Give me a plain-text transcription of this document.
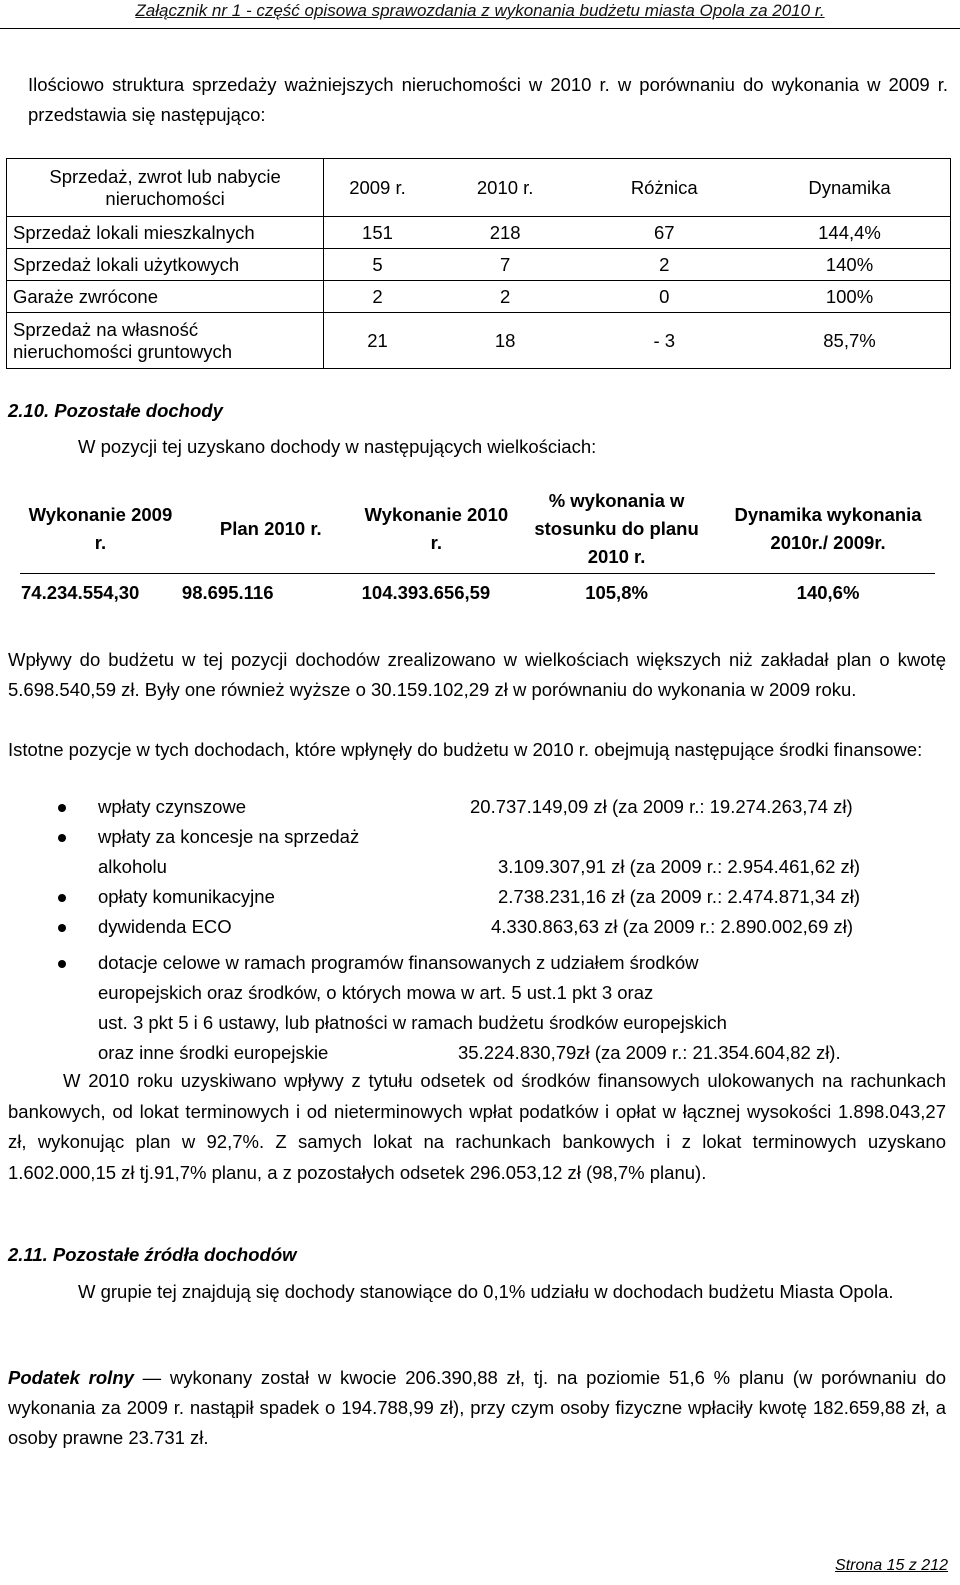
Załącznik nr 1 - część opisowa sprawozdania z wykonania budżetu miasta Opola za 2010 r.
Ilościowo struktura sprzedaży ważniejszych nieruchomości w 2010 r. w porównaniu do wykonania w 2009 r. przedstawia się następująco:
Sprzedaż, zwrot lub nabycie nieruchomości	2009 r.	2010 r.	Różnica	Dynamika
Sprzedaż lokali mieszkalnych	151	218	67	144,4%
Sprzedaż lokali użytkowych	5	7	2	140%
Garaże zwrócone	2	2	0	100%
Sprzedaż na własność nieruchomości gruntowych	21	18	- 3	85,7%
2.10. Pozostałe dochody
W pozycji tej uzyskano dochody w następujących wielkościach:
Wykonanie 2009 r.	Plan 2010 r.	Wykonanie 2010 r.	% wykonania w stosunku do planu 2010 r.	Dynamika wykonania 2010r./ 2009r.
74.234.554,30	98.695.116	104.393.656,59	105,8%	140,6%
Wpływy do budżetu w tej pozycji dochodów zrealizowano w wielkościach większych niż zakładał plan o kwotę 5.698.540,59 zł. Były one również wyższe o 30.159.102,29 zł w porównaniu do wykonania w 2009 roku.
Istotne pozycje w tych dochodach, które wpłynęły do budżetu w 2010 r. obejmują następujące środki finansowe:
wpłaty czynszowe	20.737.149,09 zł (za 2009 r.: 19.274.263,74 zł)
wpłaty za koncesje na sprzedaż
alkoholu	3.109.307,91 zł (za 2009 r.: 2.954.461,62 zł)
opłaty komunikacyjne	2.738.231,16 zł (za 2009 r.: 2.474.871,34 zł)
dywidenda ECO	4.330.863,63 zł (za 2009 r.: 2.890.002,69 zł)
dotacje celowe w ramach programów finansowanych z udziałem środków
europejskich oraz środków, o których mowa w art. 5 ust.1 pkt 3 oraz
ust. 3 pkt 5 i 6 ustawy, lub płatności w ramach budżetu środków europejskich
oraz inne środki europejskie	35.224.830,79zł (za 2009 r.: 21.354.604,82 zł).
W 2010 roku uzyskiwano wpływy z tytułu odsetek od środków finansowych ulokowanych na rachunkach bankowych, od lokat terminowych i od nieterminowych wpłat podatków i opłat w łącznej wysokości 1.898.043,27 zł, wykonując plan w 92,7%. Z samych lokat na rachunkach bankowych i z lokat terminowych uzyskano 1.602.000,15 zł tj.91,7% planu, a z pozostałych odsetek 296.053,12 zł (98,7% planu).
2.11. Pozostałe źródła dochodów
W grupie tej znajdują się dochody stanowiące do 0,1% udziału w dochodach budżetu Miasta Opola.
Podatek rolny — wykonany został w kwocie 206.390,88 zł, tj. na poziomie 51,6 % planu (w porównaniu do wykonania za 2009 r. nastąpił spadek o 194.788,99 zł), przy czym osoby fizyczne wpłaciły kwotę 182.659,88 zł, a osoby prawne 23.731 zł.
Strona 15 z 212
